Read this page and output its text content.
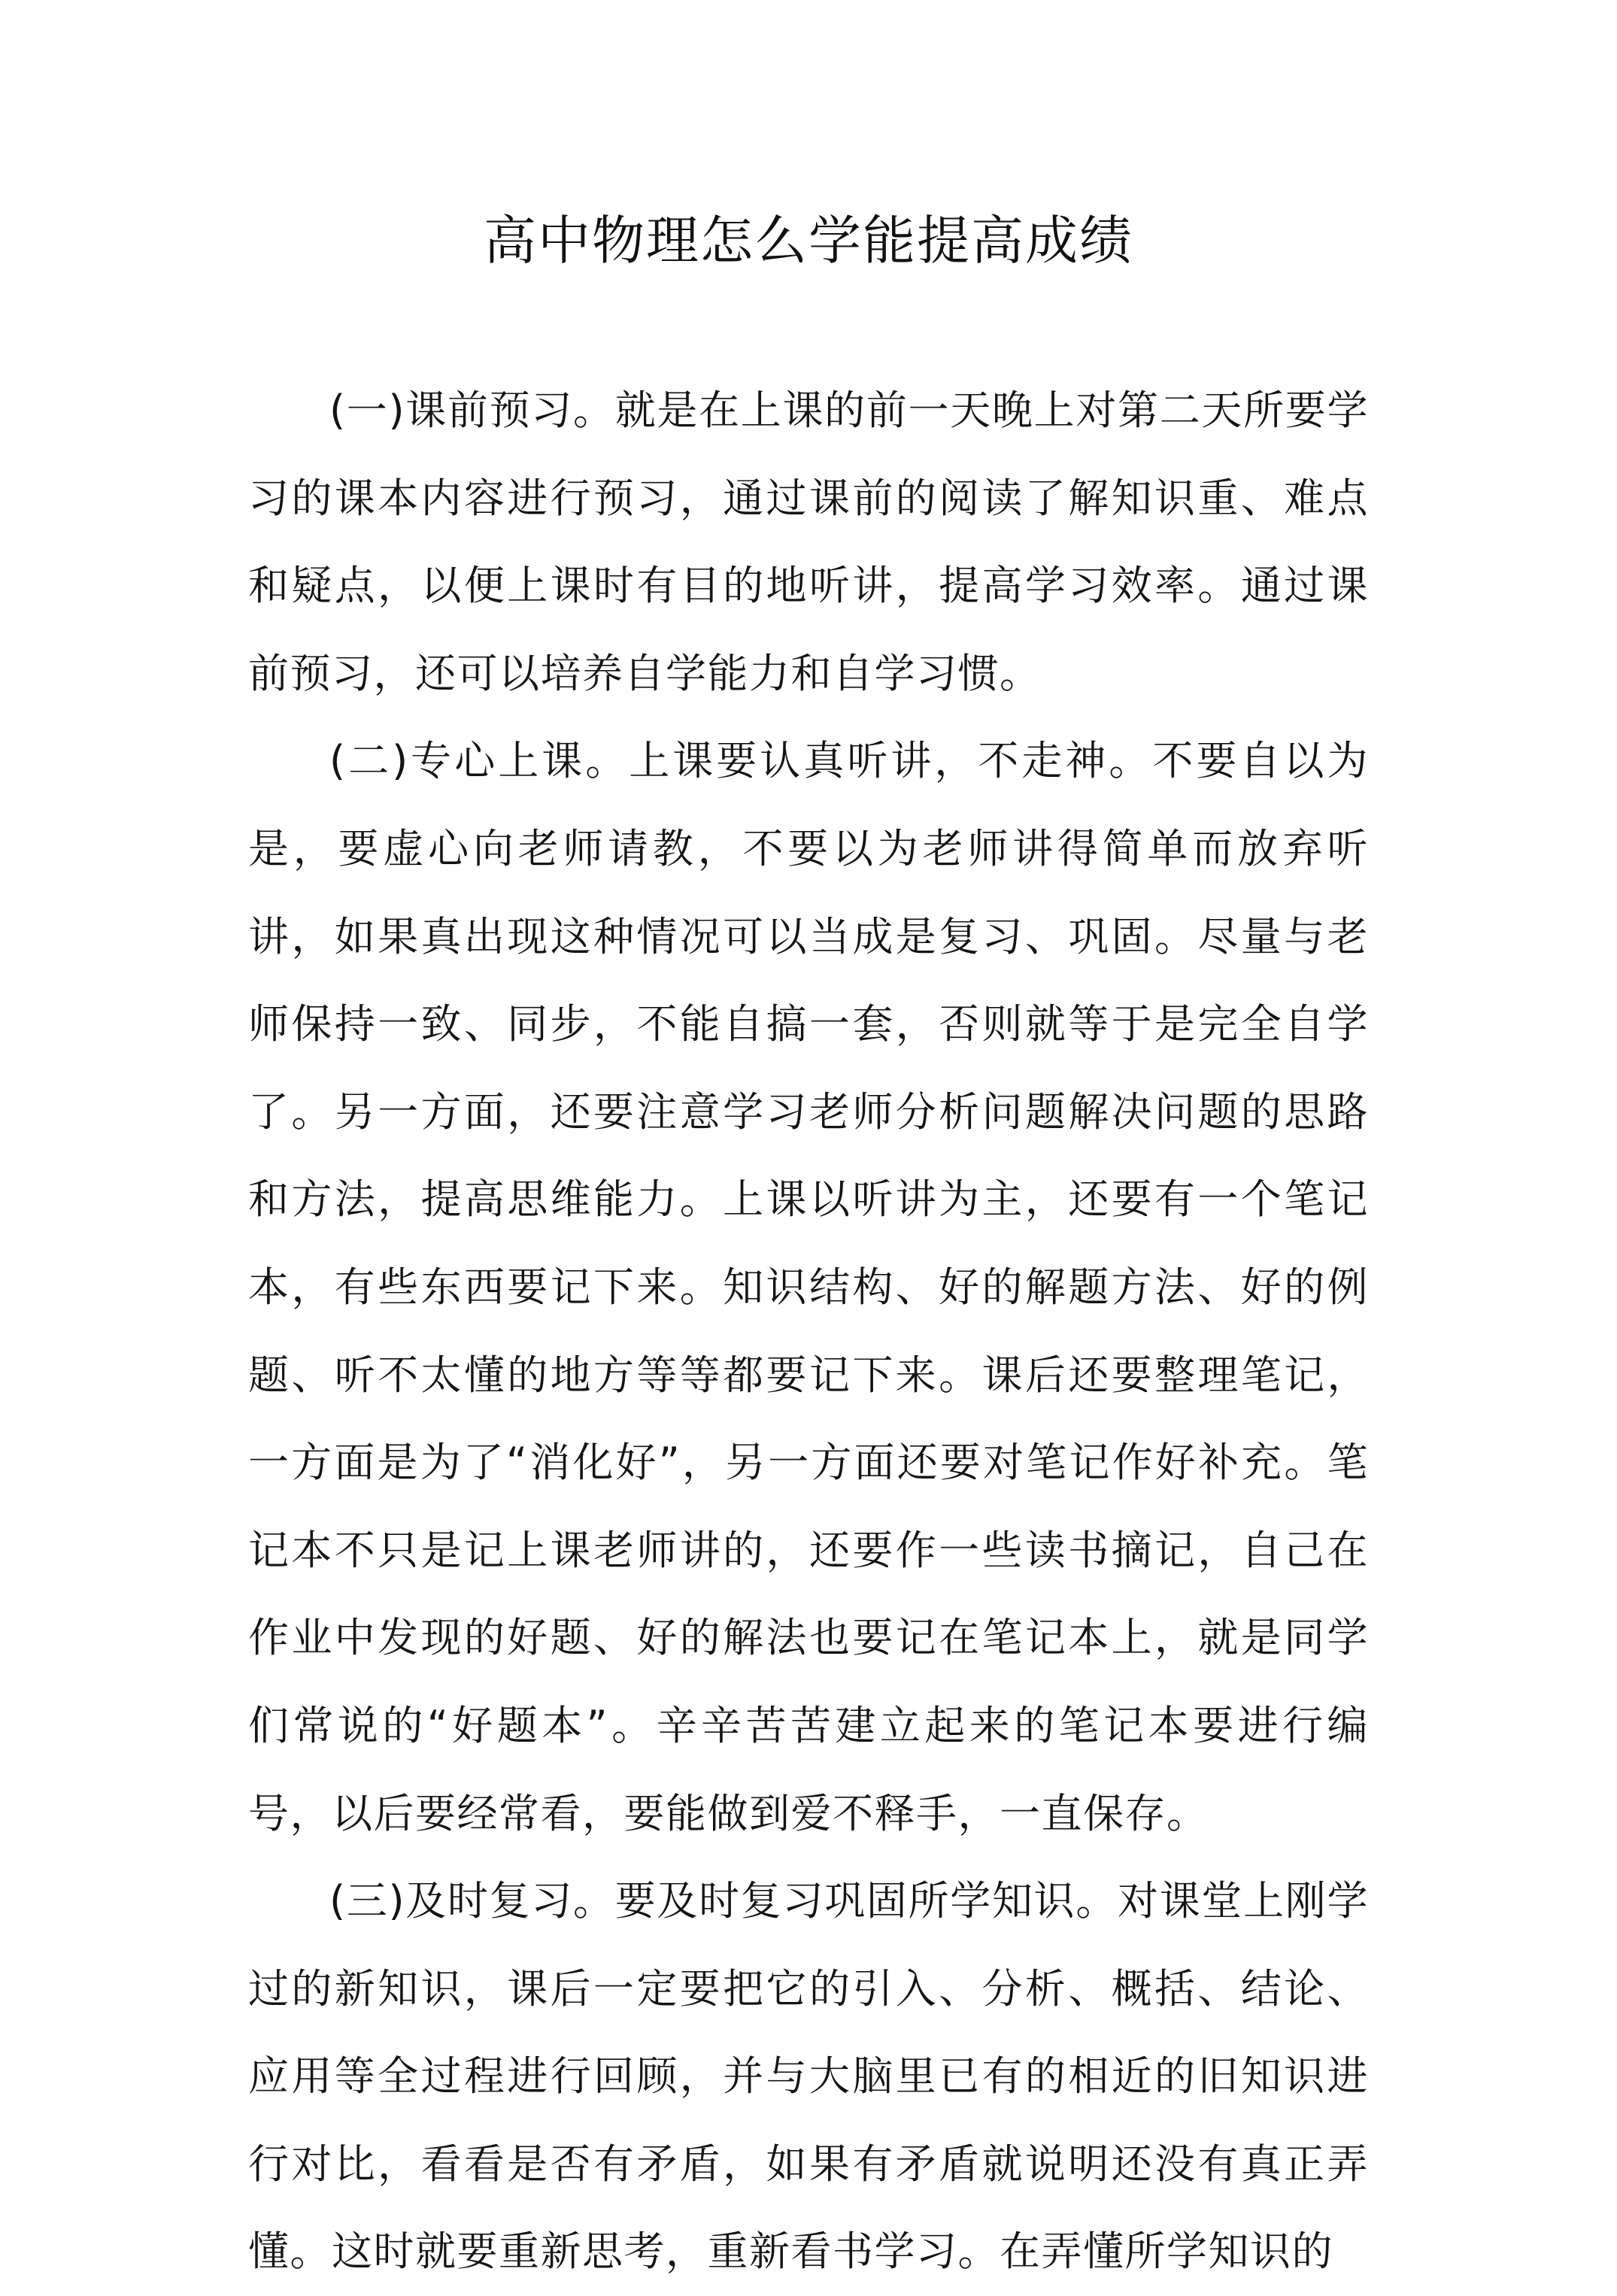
高中物理怎么学能提高成绩

(一)课前预习。就是在上课的前一天晚上对第二天所要学习的课本内容进行预习，通过课前的阅读了解知识重、难点和疑点，以便上课时有目的地听讲，提高学习效率。通过课前预习，还可以培养自学能力和自学习惯。

(二)专心上课。上课要认真听讲，不走神。不要自以为是，要虚心向老师请教，不要以为老师讲得简单而放弃听讲，如果真出现这种情况可以当成是复习、巩固。尽量与老师保持一致、同步，不能自搞一套，否则就等于是完全自学了。另一方面，还要注意学习老师分析问题解决问题的思路和方法，提高思维能力。上课以听讲为主，还要有一个笔记本，有些东西要记下来。知识结构、好的解题方法、好的例题、听不太懂的地方等等都要记下来。课后还要整理笔记，一方面是为了“消化好”，另一方面还要对笔记作好补充。笔记本不只是记上课老师讲的，还要作一些读书摘记，自己在作业中发现的好题、好的解法也要记在笔记本上，就是同学们常说的“好题本”。辛辛苦苦建立起来的笔记本要进行编号，以后要经常看，要能做到爱不释手，一直保存。

(三)及时复习。要及时复习巩固所学知识。对课堂上刚学过的新知识，课后一定要把它的引入、分析、概括、结论、应用等全过程进行回顾，并与大脑里已有的相近的旧知识进行对比，看看是否有矛盾，如果有矛盾就说明还没有真正弄懂。这时就要重新思考，重新看书学习。在弄懂所学知识的
